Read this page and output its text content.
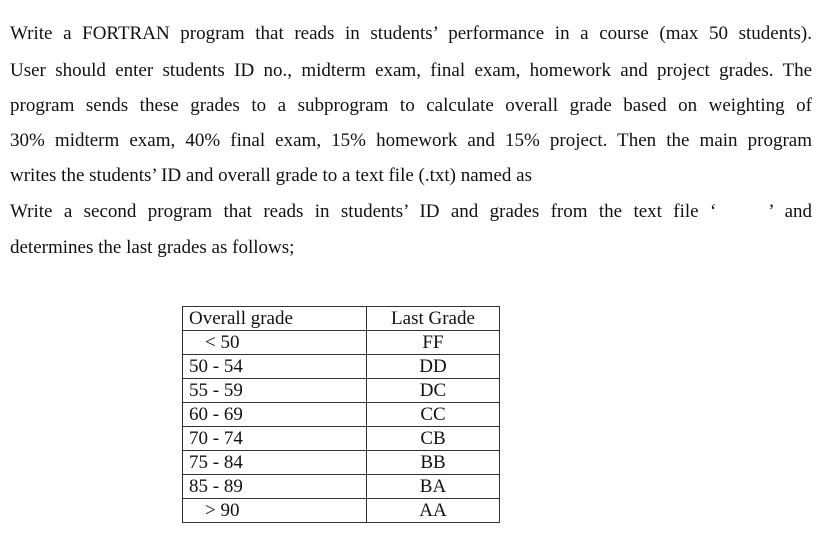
Write a FORTRAN program that reads in students’ performance in a course (max 50 students).
User should enter students ID no., midterm exam, final exam, homework and project grades. The
program sends these grades to a subprogram to calculate overall grade based on weighting of
30% midterm exam, 40% final exam, 15% homework and 15% project. Then the main program
writes the students’ ID and overall grade to a text file (.txt) named as
Write a second program that reads in students’ ID and grades from the text file ‘	’ and
determines the last grades as follows;
Overall grade	Last Grade
< 50	FF
50 - 54	DD
55 - 59	DC
60 - 69	CC
70 - 74	CB
75 - 84	BB
85 - 89	BA
> 90	AA
